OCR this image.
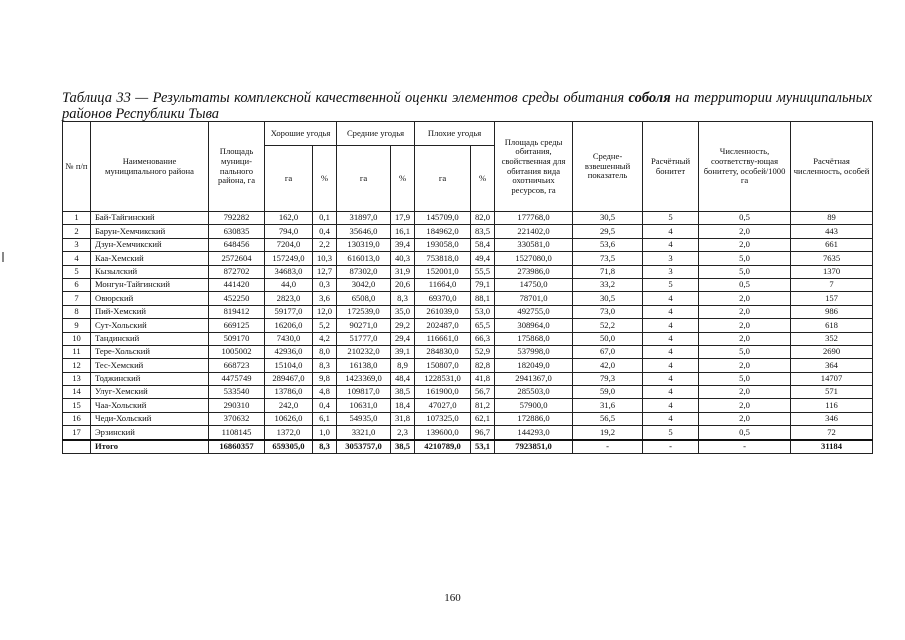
Таблица 33 — Результаты комплексной качественной оценки элементов среды обитания соболя на территории муниципальных районов Республики Тыва
№ п/п	Наименование муниципального района	Площадь муници-пального района, га	Хорошие угодья		Средние угодья		Плохие угодья		Площадь среды обитания, свойственная для обитания вида охотничьих ресурсов, га	Средне-взвешенный показатель	Расчётный бонитет	Численность, соответству-ющая бонитету, особей/1000 га	Расчётная численность, особей
			га	%	га	%	га	%					
1	Бай-Тайгинский	792282	162,0	0,1	31897,0	17,9	145709,0	82,0	177768,0	30,5	5	0,5	89
2	Барун-Хемчикский	630835	794,0	0,4	35646,0	16,1	184962,0	83,5	221402,0	29,5	4	2,0	443
3	Дзун-Хемчикский	648456	7204,0	2,2	130319,0	39,4	193058,0	58,4	330581,0	53,6	4	2,0	661
4	Каа-Хемский	2572604	157249,0	10,3	616013,0	40,3	753818,0	49,4	1527080,0	73,5	3	5,0	7635
5	Кызылский	872702	34683,0	12,7	87302,0	31,9	152001,0	55,5	273986,0	71,8	3	5,0	1370
6	Монгун-Тайгинский	441420	44,0	0,3	3042,0	20,6	11664,0	79,1	14750,0	33,2	5	0,5	7
7	Овюрский	452250	2823,0	3,6	6508,0	8,3	69370,0	88,1	78701,0	30,5	4	2,0	157
8	Пий-Хемский	819412	59177,0	12,0	172539,0	35,0	261039,0	53,0	492755,0	73,0	4	2,0	986
9	Сут-Хольский	669125	16206,0	5,2	90271,0	29,2	202487,0	65,5	308964,0	52,2	4	2,0	618
10	Тандинский	509170	7430,0	4,2	51777,0	29,4	116661,0	66,3	175868,0	50,0	4	2,0	352
11	Тере-Хольский	1005002	42936,0	8,0	210232,0	39,1	284830,0	52,9	537998,0	67,0	4	5,0	2690
12	Тес-Хемский	668723	15104,0	8,3	16138,0	8,9	150807,0	82,8	182049,0	42,0	4	2,0	364
13	Тоджинский	4475749	289467,0	9,8	1423369,0	48,4	1228531,0	41,8	2941367,0	79,3	4	5,0	14707
14	Улуг-Хемский	533540	13786,0	4,8	109817,0	38,5	161900,0	56,7	285503,0	59,0	4	2,0	571
15	Чаа-Хольский	290310	242,0	0,4	10631,0	18,4	47027,0	81,2	57900,0	31,6	4	2,0	116
16	Чеди-Хольский	370632	10626,0	6,1	54935,0	31,8	107325,0	62,1	172886,0	56,5	4	2,0	346
17	Эрзинский	1108145	1372,0	1,0	3321,0	2,3	139600,0	96,7	144293,0	19,2	5	0,5	72
	Итого	16860357	659305,0	8,3	3053757,0	38,5	4210789,0	53,1	7923851,0	-	-	-	31184
160
